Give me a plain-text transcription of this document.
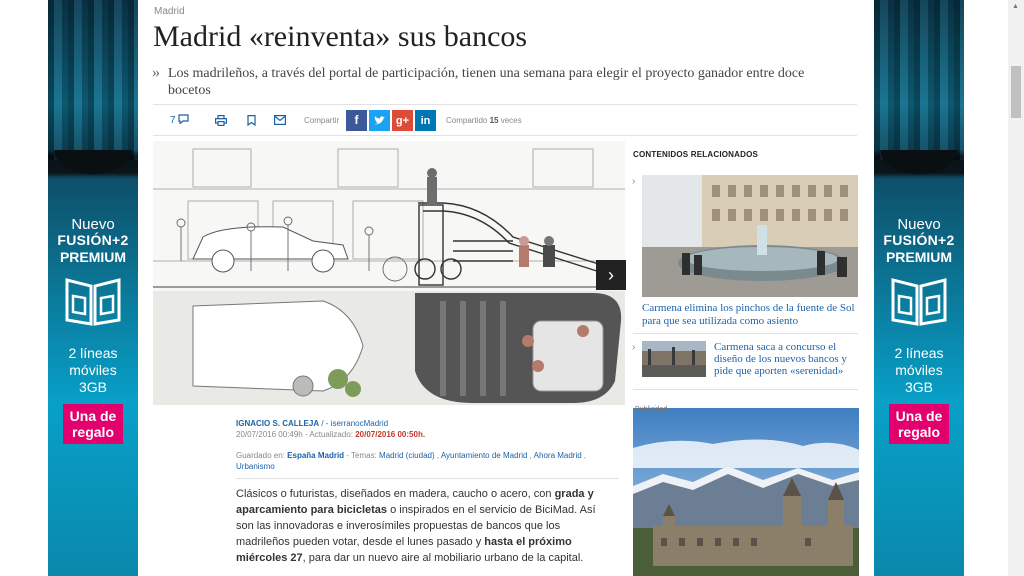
Nuevo
FUSIÓN+2
PREMIUM
2 líneas
móviles
3GB
Una de
regalo
Nuevo
FUSIÓN+2
PREMIUM
2 líneas
móviles
3GB
Una de
regalo
Madrid
Madrid «reinventa» sus bancos
» Los madrileños, a través del portal de participación, tienen una semana para elegir el proyecto ganador entre doce bocetos
7	Compartir	f	g+	in	Compartido 15 veces
›
IGNACIO S. CALLEJA / - iserranocMadrid
20/07/2016 00:49h - Actualizado: 20/07/2016 00:50h.
Guardado en: España Madrid - Temas: Madrid (ciudad) , Ayuntamiento de Madrid , Ahora Madrid ,
Urbanismo
Clásicos o futuristas, diseñados en madera, caucho o acero, con grada y aparcamiento para bicicletas o inspirados en el servicio de BiciMad. Así son las innovadoras e inverosímiles propuestas de bancos que los madrileños pueden votar, desde el lunes pasado y hasta el próximo miércoles 27, para dar un nuevo aire al mobiliario urbano de la capital.
CONTENIDOS RELACIONADOS
›
Carmena elimina los pinchos de la fuente de Sol para que sea utilizada como asiento
›	Carmena saca a concurso el diseño de los nuevos bancos y pide que aporten «serenidad»
Publicidad
▲
